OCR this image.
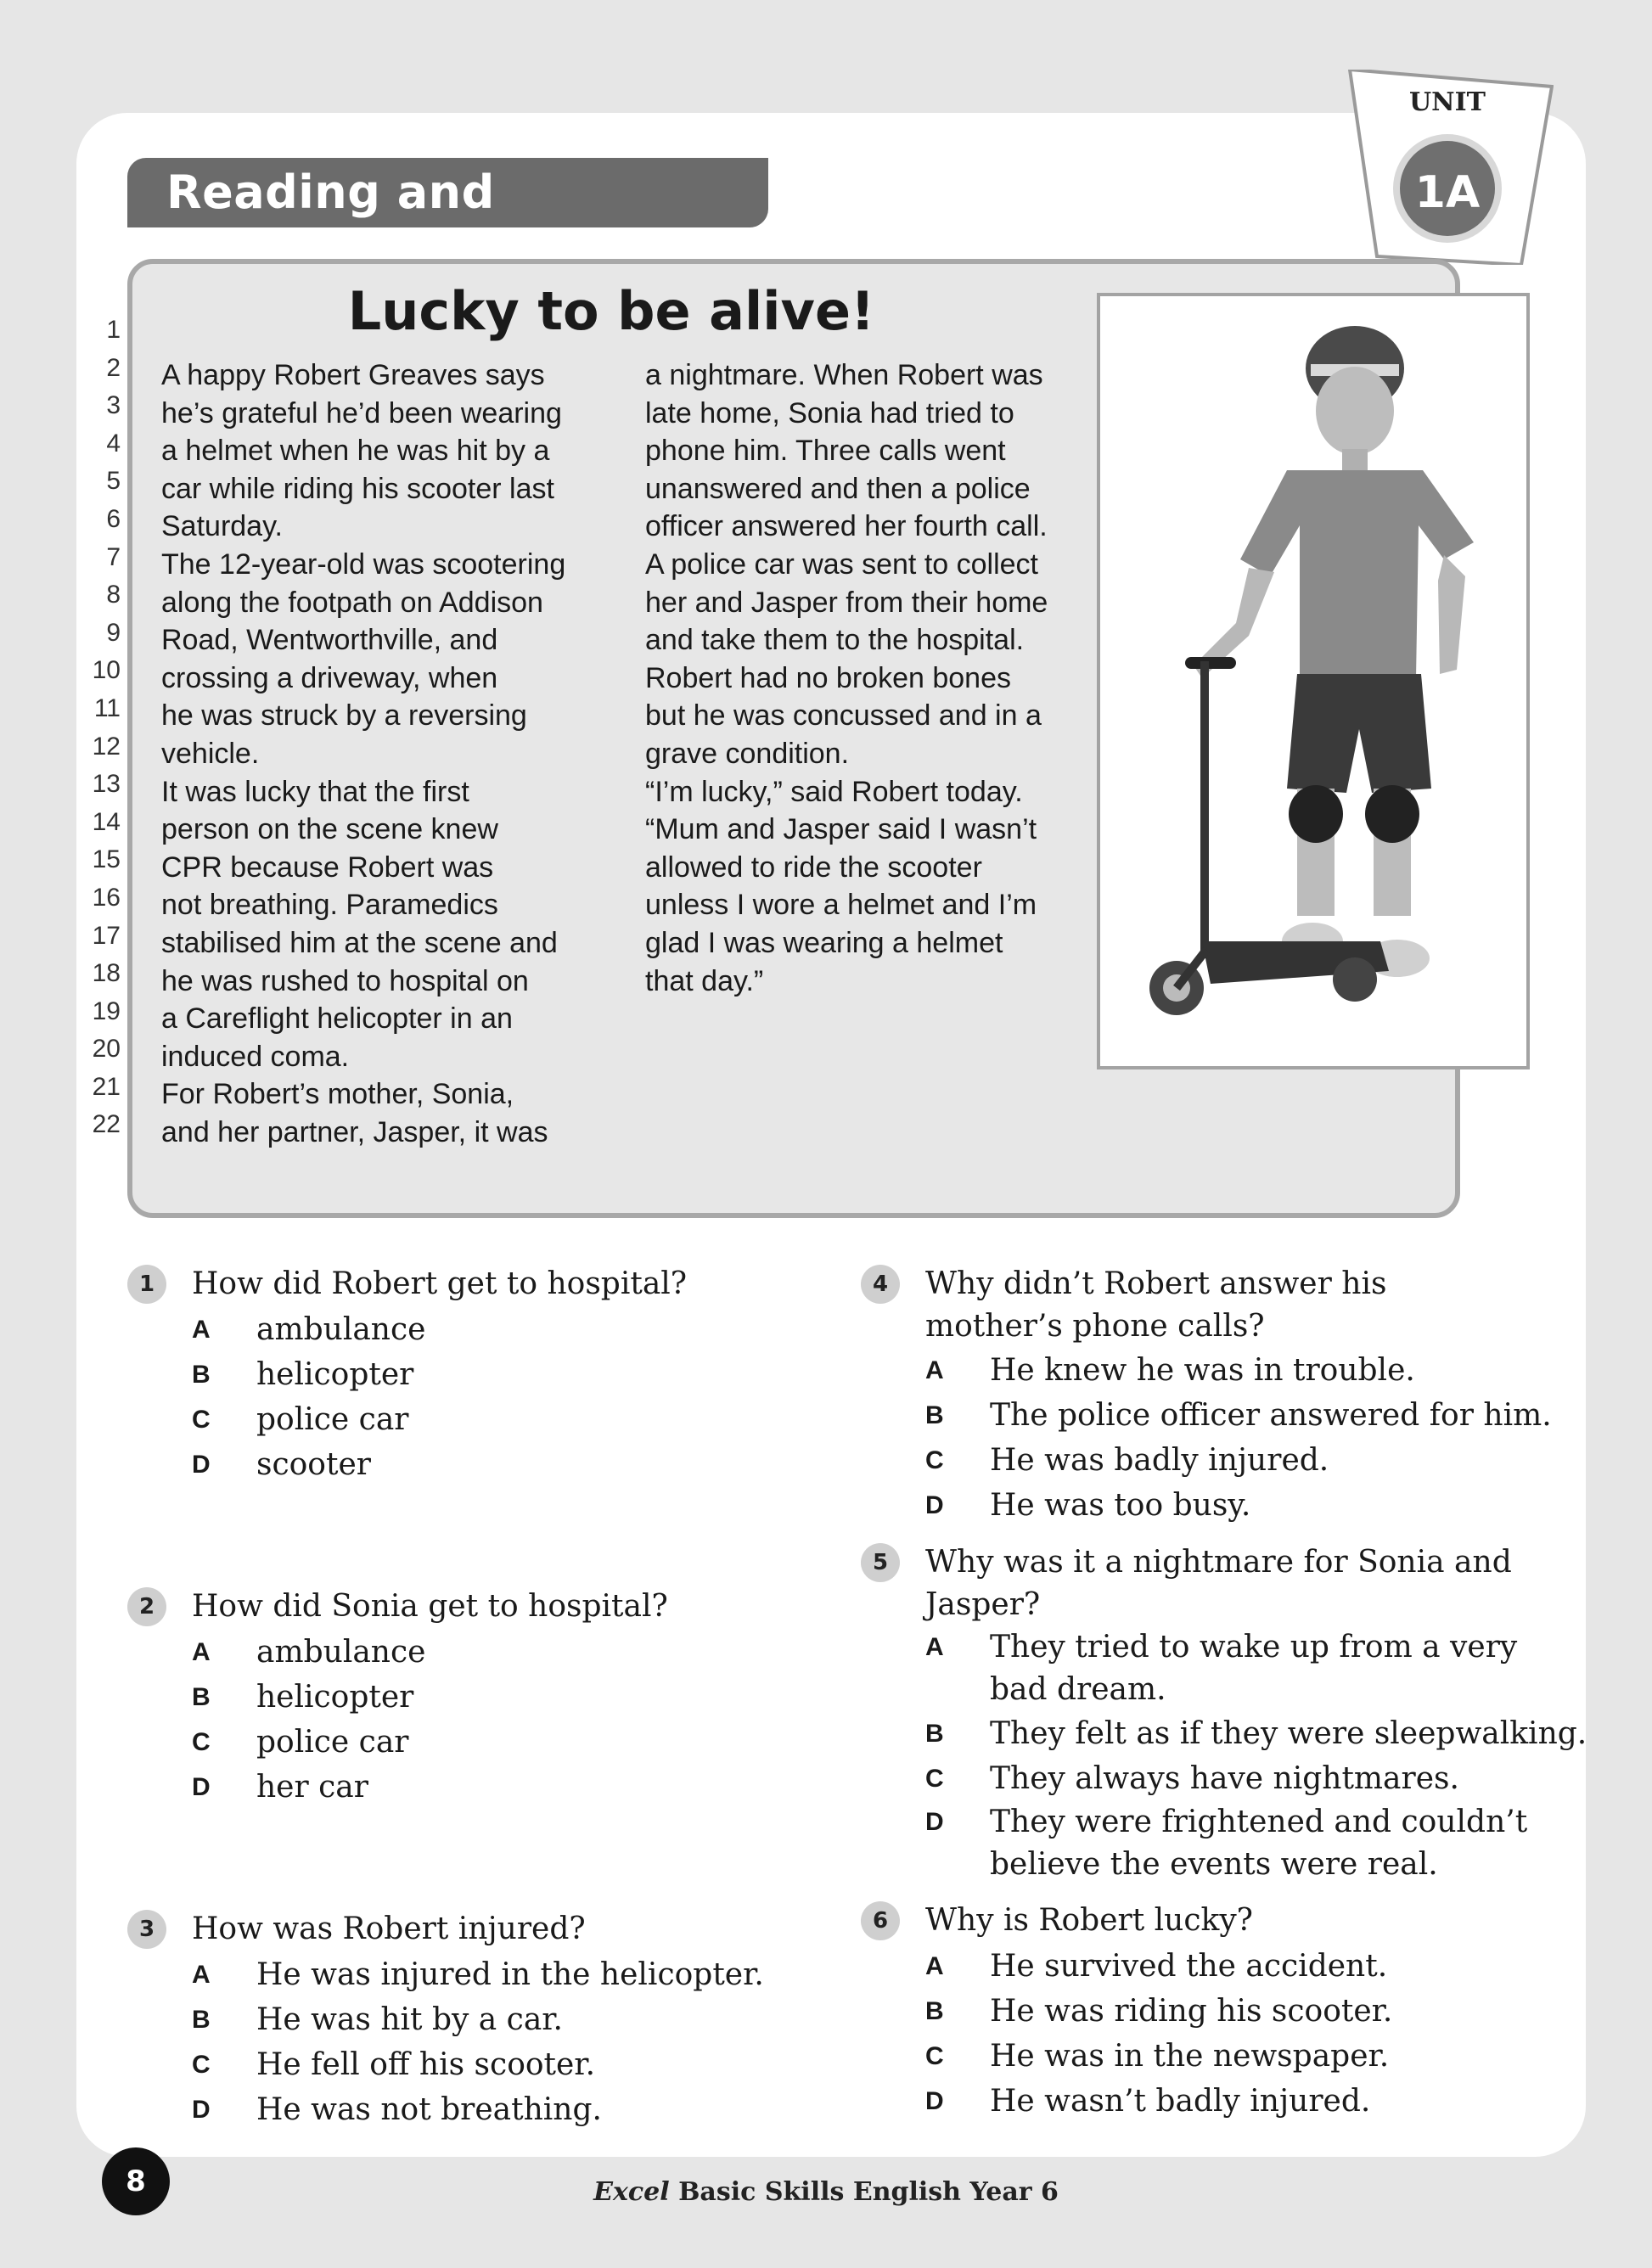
Reading and
UNIT
1A
Lucky to be alive!
1
2
3
4
5
6
7
8
9
10
11
12
13
14
15
16
17
18
19
20
21
22
A happy Robert Greaves says
he’s grateful he’d been wearing
a helmet when he was hit by a
car while riding his scooter last
Saturday.
The 12-year-old was scootering
along the footpath on Addison
Road, Wentworthville, and
crossing a driveway, when
he was struck by a reversing
vehicle.
It was lucky that the first
person on the scene knew
CPR because Robert was
not breathing. Paramedics
stabilised him at the scene and
he was rushed to hospital on
a Careflight helicopter in an
induced coma.
For Robert’s mother, Sonia,
and her partner, Jasper, it was
a nightmare. When Robert was
late home, Sonia had tried to
phone him. Three calls went
unanswered and then a police
officer answered her fourth call.
A police car was sent to collect
her and Jasper from their home
and take them to the hospital.
Robert had no broken bones
but he was concussed and in a
grave condition.
“I’m lucky,” said Robert today.
“Mum and Jasper said I wasn’t
allowed to ride the scooter
unless I wore a helmet and I’m
glad I was wearing a helmet
that day.”
1	How did Robert get to hospital?
A	ambulance
B	helicopter
C	police car
D	scooter
2	How did Sonia get to hospital?
A	ambulance
B	helicopter
C	police car
D	her car
3	How was Robert injured?
A	He was injured in the helicopter.
B	He was hit by a car.
C	He fell off his scooter.
D	He was not breathing.
4	Why didn’t Robert answer his mother’s phone calls?
A	He knew he was in trouble.
B	The police officer answered for him.
C	He was badly injured.
D	He was too busy.
5	Why was it a nightmare for Sonia and Jasper?
A	They tried to wake up from a very bad dream.
B	They felt as if they were sleepwalking.
C	They always have nightmares.
D	They were frightened and couldn’t believe the events were real.
6	Why is Robert lucky?
A	He survived the accident.
B	He was riding his scooter.
C	He was in the newspaper.
D	He wasn’t badly injured.
8	Excel Basic Skills English Year 6
